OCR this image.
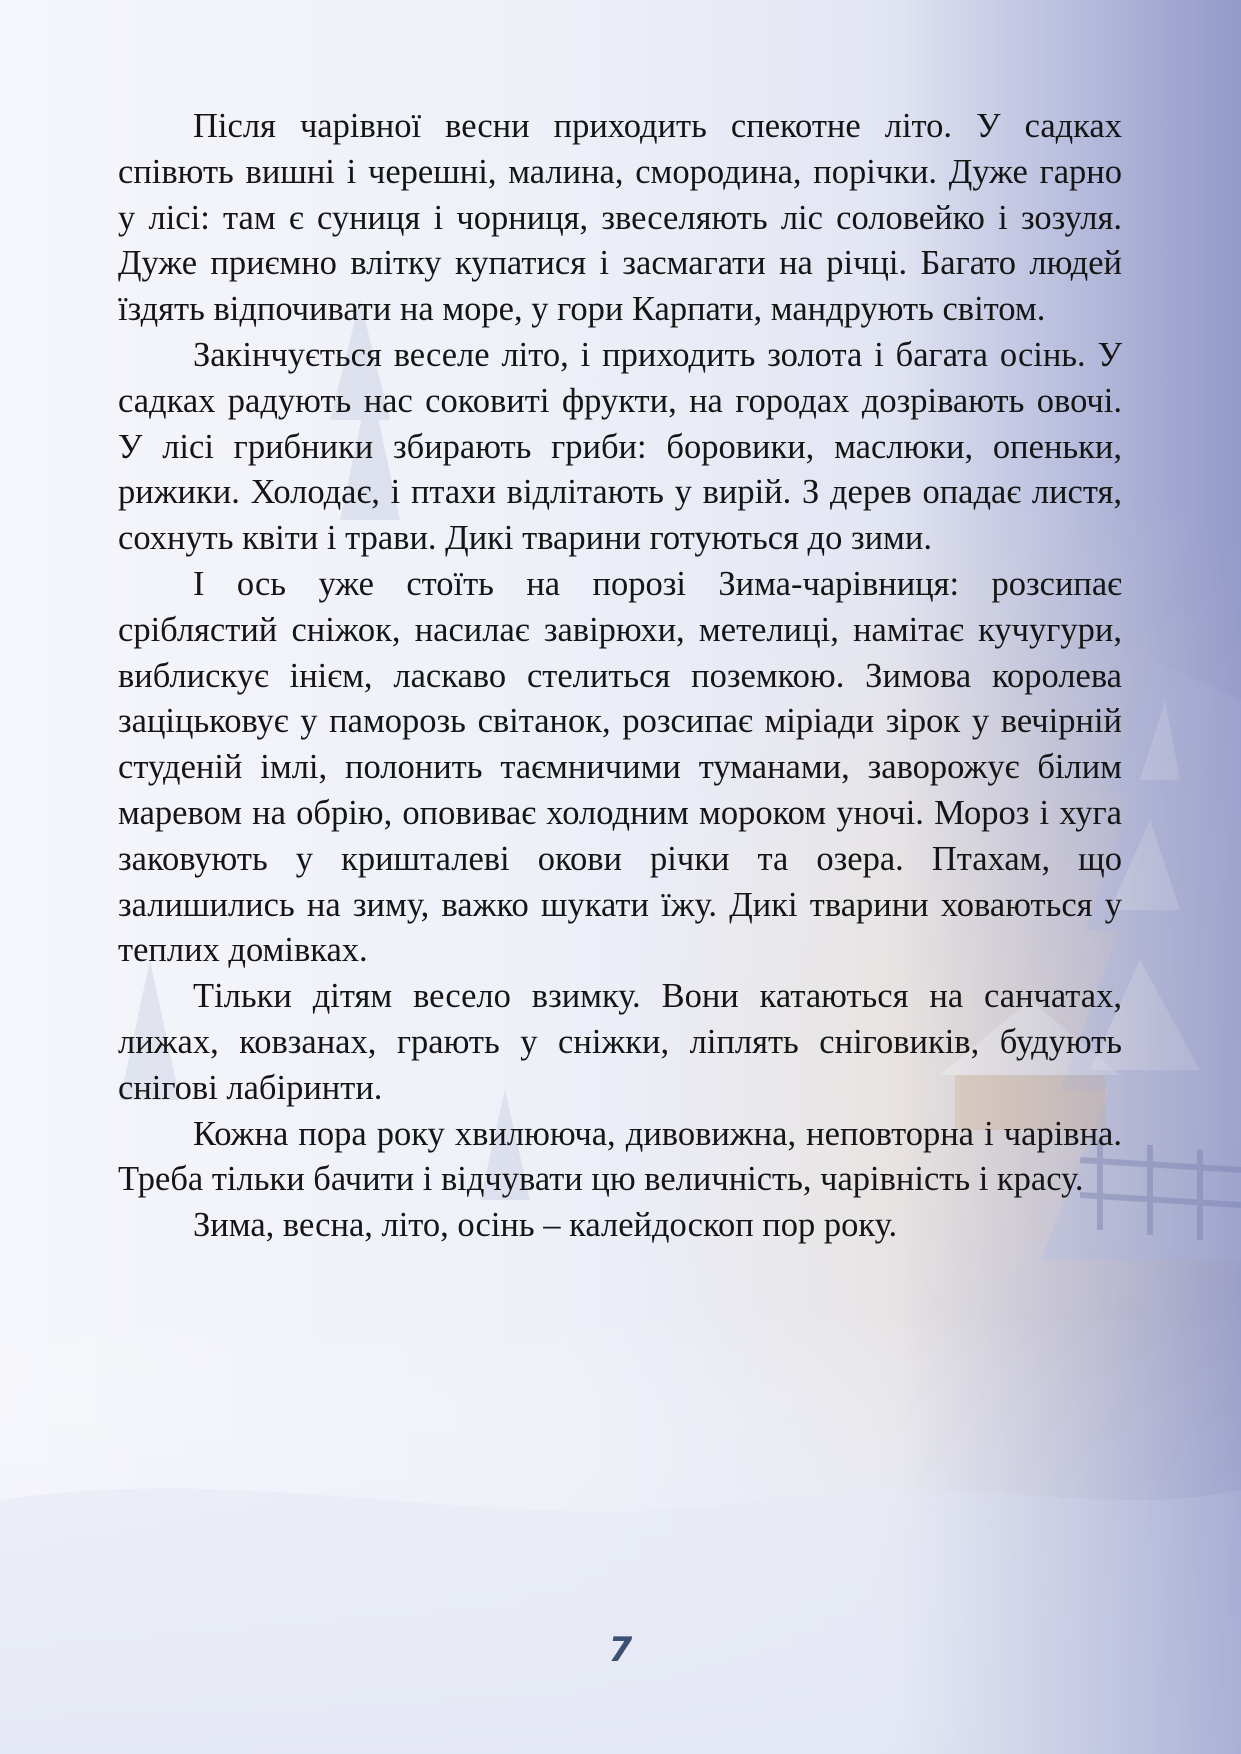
Після чарівної весни приходить спекотне літо. У садках співють вишні і черешні, малина, смородина, порічки. Дуже гарно у лісі: там є суниця і чорниця, звеселяють ліс соловейко і зозуля. Дуже приємно влітку купатися і засмагати на річці. Багато людей їздять відпочивати на море, у гори Карпати, мандрують світом.

Закінчується веселе літо, і приходить золота і багата осінь. У садках радують нас соковиті фрукти, на городах дозрівають овочі. У лісі грибники збирають гриби: боровики, маслюки, опеньки, рижики. Холодає, і птахи відлітають у вирій. З дерев опадає листя, сохнуть квіти і трави. Дикі тварини готуються до зими.

І ось уже стоїть на порозі Зима-чарівниця: розсипає сріблястий сніжок, насилає завірюхи, метелиці, намітає кучугури, виблискує інієм, ласкаво стелиться поземкою. Зимова королева заціцьковує у паморозь світанок, розсипає міріади зірок у вечірній студеній імлі, полонить таємничими туманами, заворожує білим маревом на обрію, оповиває холодним мороком уночі. Мороз і хуга заковують у кришталеві окови річки та озера. Птахам, що залишились на зиму, важко шукати їжу. Дикі тварини ховаються у теплих домівках.

Тільки дітям весело взимку. Вони катаються на санчатах, лижах, ковзанах, грають у сніжки, ліплять сніговиків, будують снігові лабіринти.

Кожна пора року хвилююча, дивовижна, неповторна і чарівна. Треба тільки бачити і відчувати цю величність, чарівність і красу.

Зима, весна, літо, осінь – калейдоскоп пор року.

7
